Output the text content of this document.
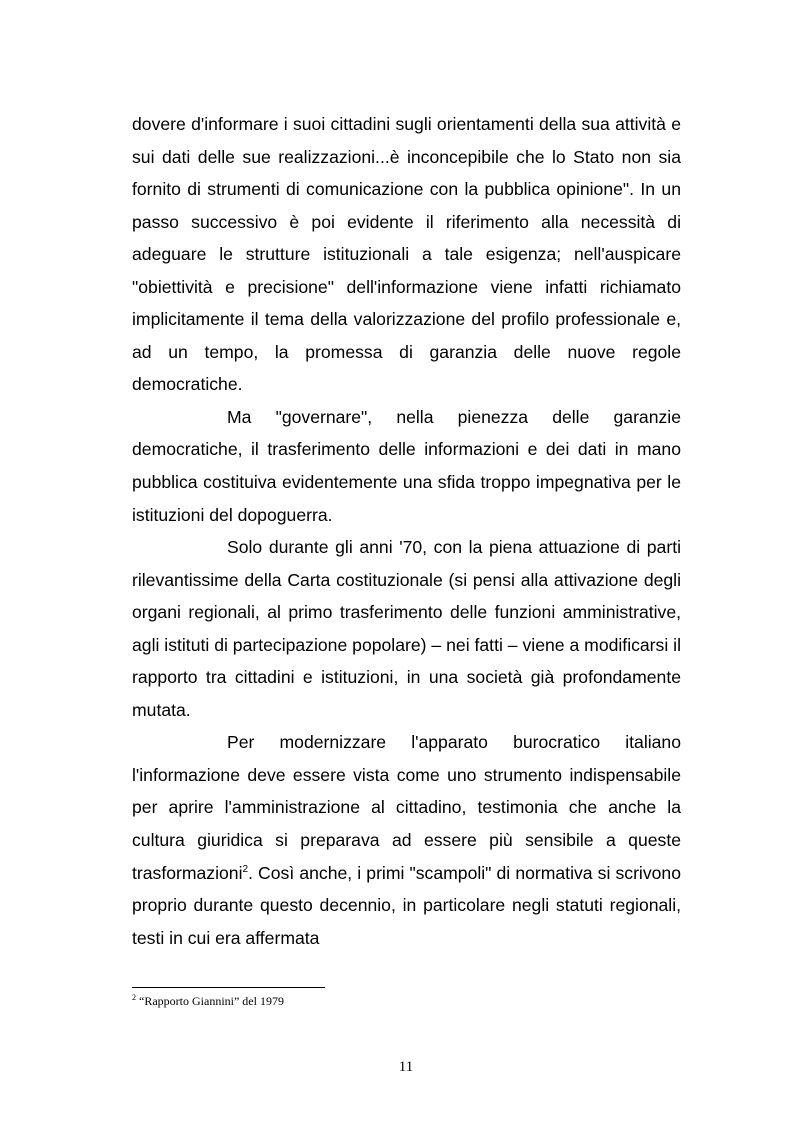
dovere d'informare i suoi cittadini sugli orientamenti della sua attività e sui dati delle sue realizzazioni...è inconcepibile che lo Stato non sia fornito di strumenti di comunicazione con la pubblica opinione". In un passo successivo è poi evidente il riferimento alla necessità di adeguare le strutture istituzionali a tale esigenza; nell'auspicare "obiettività e precisione" dell'informazione viene infatti richiamato implicitamente il tema della valorizzazione del profilo professionale e, ad un tempo, la promessa di garanzia delle nuove regole democratiche.

Ma "governare", nella pienezza delle garanzie democratiche, il trasferimento delle informazioni e dei dati in mano pubblica costituiva evidentemente una sfida troppo impegnativa per le istituzioni del dopoguerra.

Solo durante gli anni '70, con la piena attuazione di parti rilevantissime della Carta costituzionale (si pensi alla attivazione degli organi regionali, al primo trasferimento delle funzioni amministrative, agli istituti di partecipazione popolare) – nei fatti – viene a modificarsi il rapporto tra cittadini e istituzioni, in una società già profondamente mutata.

Per modernizzare l'apparato burocratico italiano l'informazione deve essere vista come uno strumento indispensabile per aprire l'amministrazione al cittadino, testimonia che anche la cultura giuridica si preparava ad essere più sensibile a queste trasformazioni$^2$. Così anche, i primi "scampoli" di normativa si scrivono proprio durante questo decennio, in particolare negli statuti regionali, testi in cui era affermata

$^2$ “Rapporto Giannini” del 1979

11
